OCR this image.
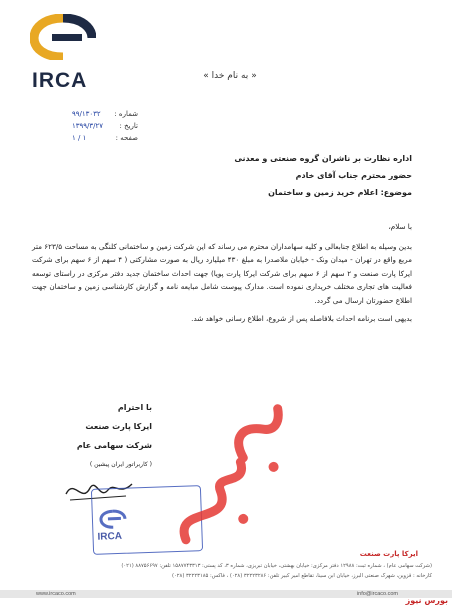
IRCA	« به نام خدا »
شماره :
۹۹/۱۳۰۳۲
تاریخ :
۱۳۹۹/۳/۲۷
صفحه :
۱ / ۱
اداره نظارت بر ناشران گروه صنعتی و معدنی
حضور محترم جناب آقای خادم
موضوع: اعلام خرید زمین و ساختمان

با سلام،

بدین وسیله به اطلاع جنابعالی و کلیه سهامداران محترم می رساند که این شرکت زمین و ساختمانی کلنگی به مساحت ۶۲۳/۵ متر مربع واقع در تهران - میدان ونک - خیابان ملاصدرا به مبلغ ۴۳۰ میلیارد ریال به صورت مشارکتی ( ۴ سهم از ۶ سهم برای شرکت ایرکا پارت صنعت و ۲ سهم از ۶ سهم برای شرکت ایرکا پارت پویا) جهت احداث ساختمان جدید دفتر مرکزی در راستای توسعه فعالیت های تجاری مختلف خریداری نموده است. مدارک پیوست شامل مبایعه نامه و گزارش کارشناسی زمین و ساختمان جهت اطلاع حضورتان ارسال می گردد.

بدیهی است برنامه احداث بلافاصله پس از شروع، اطلاع رسانی خواهد شد.

با احترام
ایرکا پارت صنعت
شرکت سهامی عام
( کاربراتور ایران پیشین )
IRCA
ایرکا پارت صنعت
(شرکت سهامی عام) ، شماره ثبت: ۱۲۹۸۸ دفتر مرکزی: خیابان بهشتی، خیابان تبریزی، شماره ۳، کد پستی: ۱۵۸۷۷۴۳۳۱۳ تلفن: ۸۸۷۵۶۶۹۷ (۰۲۱)
کارخانه : قزوین، شهرک صنعتی البرز، خیابان ابن سینا، تقاطع امیر کبیر تلفن: ۳۲۲۲۳۲۸۶ (۰۲۸) ، فاکس: ۳۲۲۲۳۱۸۵ (۰۲۸)
www.ircaco.com	info@ircaco.com
بورس نیوز
